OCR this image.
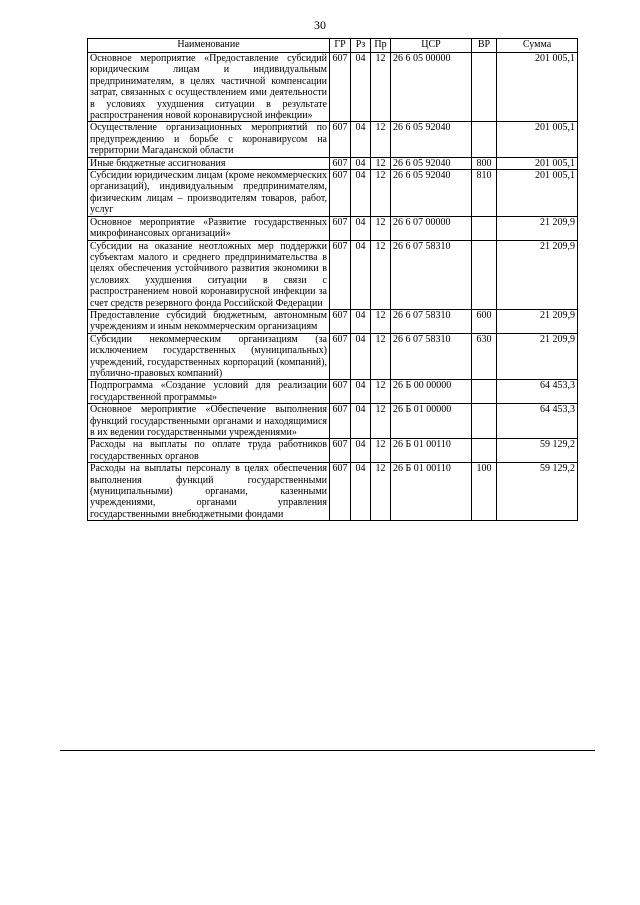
30
Наименование	ГР	Рз	Пр	ЦСР	ВР	Сумма
Основное мероприятие «Предоставление субсидий юридическим лицам и индивидуальным предпринимателям, в целях частичной компенсации затрат, связанных с осуществлением ими деятельности в условиях ухудшения ситуации в результате распространения новой коронавирусной инфекции»	607	04	12	26 6 05 00000		201 005,1
Осуществление организационных мероприятий по предупреждению и борьбе с коронавирусом на территории Магаданской области	607	04	12	26 6 05 92040		201 005,1
Иные бюджетные ассигнования	607	04	12	26 6 05 92040	800	201 005,1
Субсидии юридическим лицам (кроме некоммерческих организаций), индивидуальным предпринимателям, физическим лицам – производителям товаров, работ, услуг	607	04	12	26 6 05 92040	810	201 005,1
Основное мероприятие «Развитие государственных микрофинансовых организаций»	607	04	12	26 6 07 00000		21 209,9
Субсидии на оказание неотложных мер поддержки субъектам малого и среднего предпринимательства в целях обеспечения устойчивого развития экономики в условиях ухудшения ситуации в связи с распространением новой коронавирусной инфекции за счет средств резервного фонда Российской Федерации	607	04	12	26 6 07 58310		21 209,9
Предоставление субсидий бюджетным, автономным учреждениям и иным некоммерческим организациям	607	04	12	26 6 07 58310	600	21 209,9
Субсидии некоммерческим организациям (за исключением государственных (муниципальных) учреждений, государственных корпораций (компаний), публично-правовых компаний)	607	04	12	26 6 07 58310	630	21 209,9
Подпрограмма «Создание условий для реализации государственной программы»	607	04	12	26 Б 00 00000		64 453,3
Основное мероприятие «Обеспечение выполнения функций государственными органами и находящимися в их ведении государственными учреждениями»	607	04	12	26 Б 01 00000		64 453,3
Расходы на выплаты по оплате труда работников государственных органов	607	04	12	26 Б 01 00110		59 129,2
Расходы на выплаты персоналу в целях обеспечения выполнения функций государственными (муниципальными) органами, казенными учреждениями, органами управления государственными внебюджетными фондами	607	04	12	26 Б 01 00110	100	59 129,2
